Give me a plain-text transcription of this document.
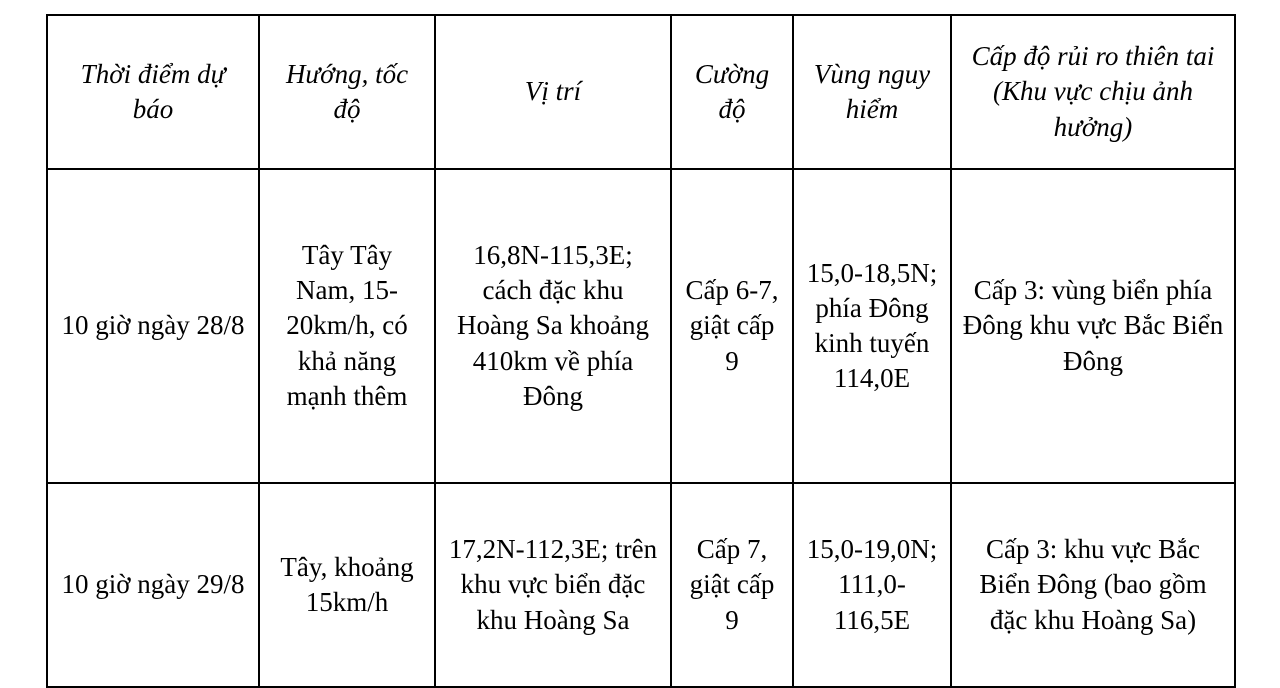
Thời điểm dự báo	Hướng, tốc độ	Vị trí	Cường độ	Vùng nguy hiểm	Cấp độ rủi ro thiên tai (Khu vực chịu ảnh hưởng)
10 giờ ngày 28/8	Tây Tây Nam, 15-20km/h, có khả năng mạnh thêm	16,8N-115,3E; cách đặc khu Hoàng Sa khoảng 410km về phía Đông	Cấp 6-7, giật cấp 9	15,0-18,5N; phía Đông kinh tuyến 114,0E	Cấp 3: vùng biển phía Đông khu vực Bắc Biển Đông
10 giờ ngày 29/8	Tây, khoảng 15km/h	17,2N-112,3E; trên khu vực biển đặc khu Hoàng Sa	Cấp 7, giật cấp 9	15,0-19,0N; 111,0-116,5E	Cấp 3: khu vực Bắc Biển Đông (bao gồm đặc khu Hoàng Sa)
